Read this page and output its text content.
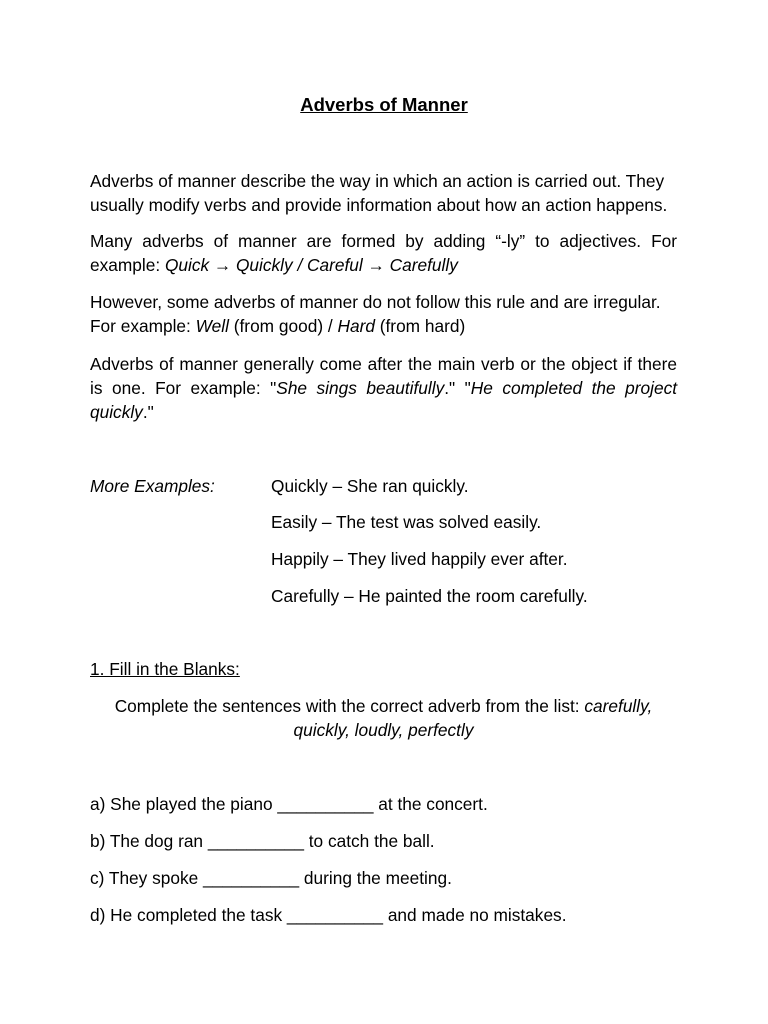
Adverbs of Manner

Adverbs of manner describe the way in which an action is carried out. They usually modify verbs and provide information about how an action happens.

Many adverbs of manner are formed by adding “-ly” to adjectives. For example: Quick → Quickly / Careful → Carefully

However, some adverbs of manner do not follow this rule and are irregular. For example: Well (from good) / Hard (from hard)

Adverbs of manner generally come after the main verb or the object if there is one. For example: "She sings beautifully." "He completed the project quickly."

More Examples:	Quickly – She ran quickly.

Easily – The test was solved easily.

Happily – They lived happily ever after.

Carefully – He painted the room carefully.

1. Fill in the Blanks:

Complete the sentences with the correct adverb from the list: carefully, quickly, loudly, perfectly

a) She played the piano __________ at the concert.

b) The dog ran __________ to catch the ball.

c) They spoke __________ during the meeting.

d) He completed the task __________ and made no mistakes.
